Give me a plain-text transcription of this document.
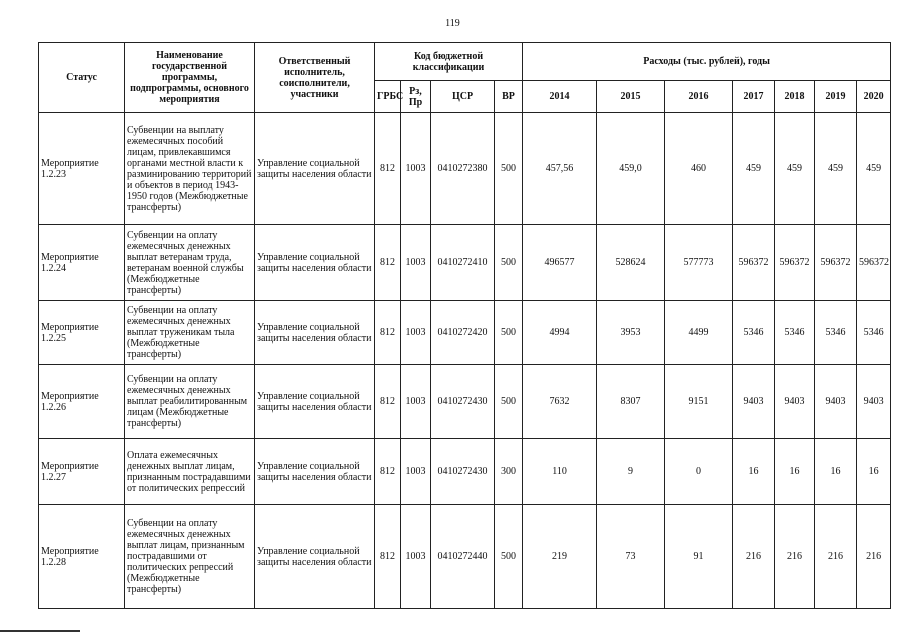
119
Статус	Наименование государственной программы, подпрограммы, основного мероприятия	Ответственный исполнитель, соисполнители, участники	Код бюджетной классификации				Расходы (тыс. рублей), годы						
			ГРБС	Рз, Пр	ЦСР	ВР	2014	2015	2016	2017	2018	2019	2020
Мероприятие 1.2.23	Субвенции на выплату ежемесячных пособий лицам, привлекавшимся органами местной власти к разминированию территорий и объектов в период 1943-1950 годов (Межбюджетные трансферты)	Управление социальной защиты населения области	812	1003	0410272380	500	457,56	459,0	460	459	459	459	459
Мероприятие 1.2.24	Субвенции на оплату ежемесячных денежных выплат ветеранам труда, ветеранам военной службы (Межбюджетные трансферты)	Управление социальной защиты населения области	812	1003	0410272410	500	496577	528624	577773	596372	596372	596372	596372
Мероприятие 1.2.25	Субвенции на оплату ежемесячных денежных выплат труженикам тыла (Межбюджетные трансферты)	Управление социальной защиты населения области	812	1003	0410272420	500	4994	3953	4499	5346	5346	5346	5346
Мероприятие 1.2.26	Субвенции на оплату ежемесячных денежных выплат реабилитированным лицам (Межбюджетные трансферты)	Управление социальной защиты населения области	812	1003	0410272430	500	7632	8307	9151	9403	9403	9403	9403
Мероприятие 1.2.27	Оплата ежемесячных денежных выплат лицам, признанным пострадавшими от политических репрессий	Управление социальной защиты населения области	812	1003	0410272430	300	110	9	0	16	16	16	16
Мероприятие 1.2.28	Субвенции на оплату ежемесячных денежных выплат лицам, признанным пострадавшими от политических репрессий (Межбюджетные трансферты)	Управление социальной защиты населения области	812	1003	0410272440	500	219	73	91	216	216	216	216
